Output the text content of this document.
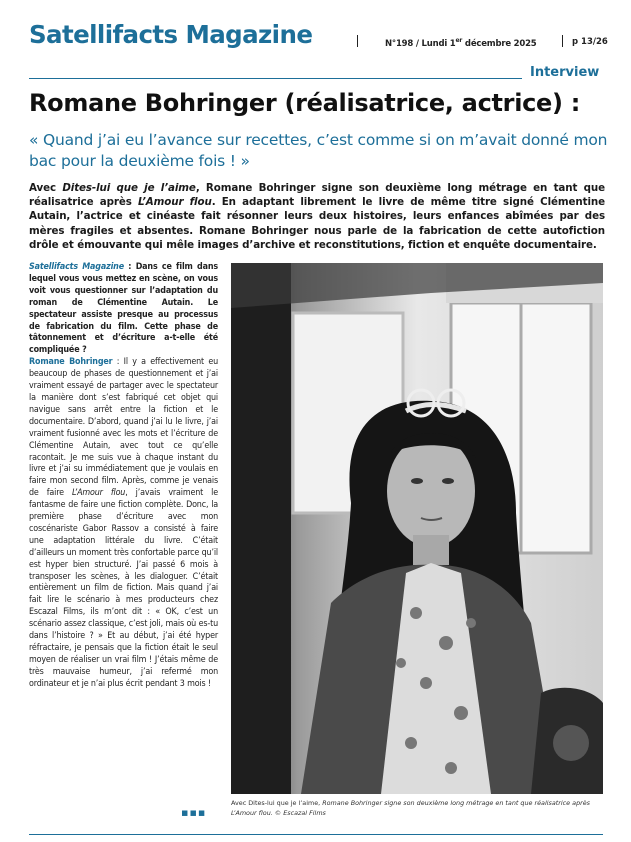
Satellifacts Magazine	N°198 / Lundi 1er décembre 2025	p 13/26
Interview
Romane Bohringer (réalisatrice, actrice) :
« Quand j’ai eu l’avance sur recettes, c’est comme si on m’avait donné mon bac pour la deuxième fois ! »
Avec Dites-lui que je l’aime, Romane Bohringer signe son deuxième long métrage en tant que réalisatrice après L’Amour flou. En adaptant librement le livre de même titre signé Clémentine Autain, l’actrice et cinéaste fait résonner leurs deux histoires, leurs enfances abîmées par des mères fragiles et absentes. Romane Bohringer nous parle de la fabrication de cette autofiction drôle et émouvante qui mêle images d’archive et reconstitutions, fiction et enquête documentaire.

Satellifacts Magazine : Dans ce film dans lequel vous vous mettez en scène, on vous voit vous questionner sur l’adaptation du roman de Clémentine Autain. Le spectateur assiste presque au processus de fabrication du film. Cette phase de tâtonnement et d’écriture a-t-elle été compliquée ?

Romane Bohringer : Il y a effectivement eu beaucoup de phases de questionnement et j’ai vraiment essayé de partager avec le spectateur la manière dont s’est fabriqué cet objet qui navigue sans arrêt entre la fiction et le documentaire. D’abord, quand j’ai lu le livre, j’ai vraiment fusionné avec les mots et l’écriture de Clémentine Autain, avec tout ce qu’elle racontait. Je me suis vue à chaque instant du livre et j’ai su immédiatement que je voulais en faire mon second film. Après, comme je venais de faire L’Amour flou, j’avais vraiment le fantasme de faire une fiction complète. Donc, la première phase d’écriture avec mon coscénariste Gabor Rassov a consisté à faire une adaptation littérale du livre. C’était d’ailleurs un moment très confortable parce qu’il est hyper bien structuré. J’ai passé 6 mois à transposer les scènes, à les dialoguer. C’était entièrement un film de fiction. Mais quand j’ai fait lire le scénario à mes producteurs chez Escazal Films, ils m’ont dit : « OK, c’est un scénario assez classique, c’est joli, mais où es-tu dans l’histoire ? » Et au début, j’ai été hyper réfractaire, je pensais que la fiction était le seul moyen de réaliser un vrai film ! J’étais même de très mauvaise humeur, j’ai refermé mon ordinateur et je n’ai plus écrit pendant 3 mois !

▪▪▪
Avec Dites-lui que je l’aime, Romane Bohringer signe son deuxième long métrage en tant que réalisatrice après L’Amour flou. © Escazal Films
